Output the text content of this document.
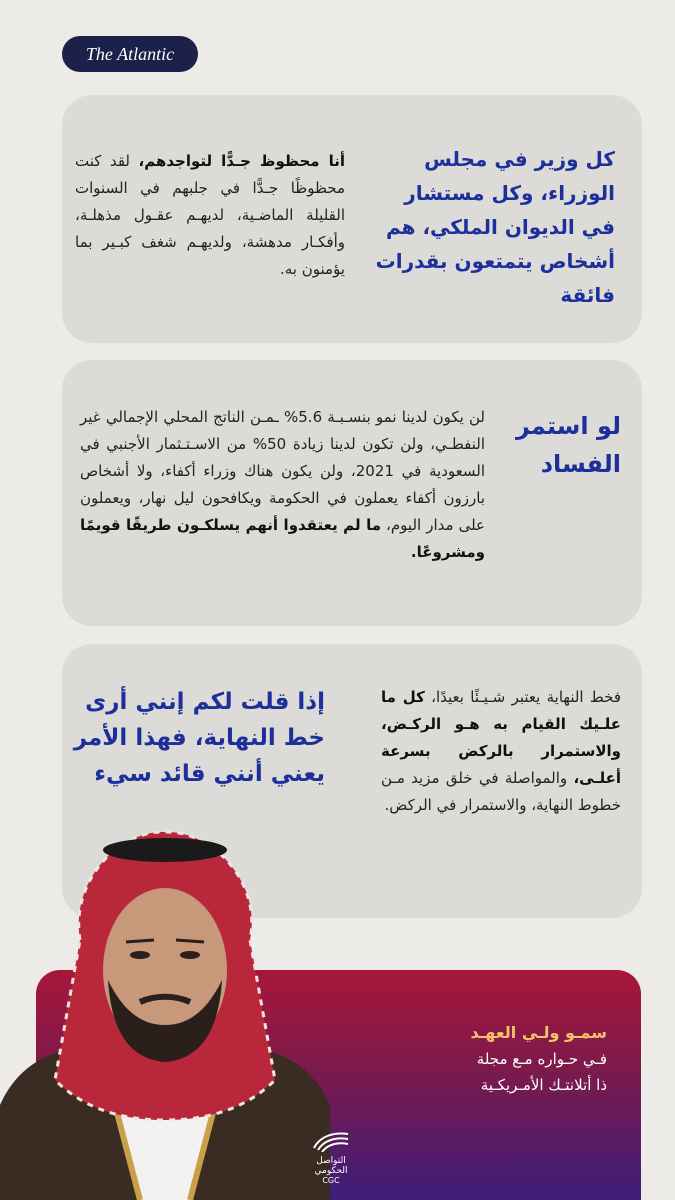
The Atlantic
كل وزير في مجلس الوزراء، وكل مستشار في الديوان الملكي، هم أشخاص يتمتعون بقدرات فائقة
أنا محظوظ جـدًّا لتواجدهم، لقد كنت محظوظًا جـدًّا في جلبهم في السنوات القليلة الماضـية، لديهـم عقـول مذهلـة، وأفكـار مدهشة، ولديهـم شغف كبـير بما يؤمنون به.
لو استمر الفساد
لن يكون لدينا نمو بنسـبـة 5.6% ـمـن الناتج المحلي الإجمالي غير النفطـي، ولن تكون لدينا زيادة 50% من الاسـتـثمار الأجنبي في السعودية في 2021، ولن يكون هناك وزراء أكفاء، ولا أشخاص بارزون أكفاء يعملون في الحكومة ويكافحون ليل نهار، ويعملون على مدار اليوم، ما لم يعتقدوا أنهم يسلكـون طريقًا قويمًا ومشروعًا.
إذا قلت لكم إنني أرى خط النهاية، فهذا الأمر يعني أنني قائد سيء
فخط النهاية يعتبر شـيـئًا بعيدًا، كل ما علـيك القيام به هـو الركـض، والاستمرار بالركض بسرعة أعلـى، والمواصلة في خلق مزيد مـن خطوط النهاية، والاستمرار في الركض.
سمـو ولـي العهـد
فـي حـواره مـع مجلة
ذا أتلانتـك الأمـريكـية
التواصل
الحكومي
CGC
